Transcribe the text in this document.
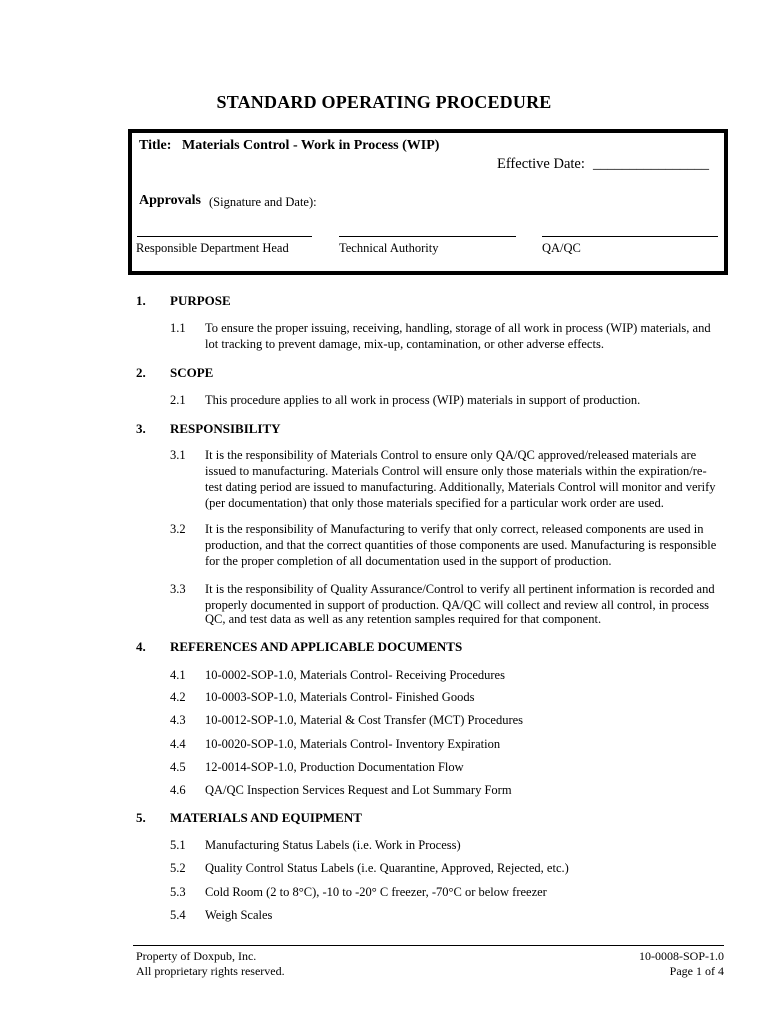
STANDARD OPERATING PROCEDURE
Title: Materials Control - Work in Process (WIP)
Effective Date: ________________
Approvals (Signature and Date):
Responsible Department Head	Technical Authority	QA/QC
1. PURPOSE
1.1 To ensure the proper issuing, receiving, handling, storage of all work in process (WIP) materials, and
lot tracking to prevent damage, mix-up, contamination, or other adverse effects.
2. SCOPE
2.1 This procedure applies to all work in process (WIP) materials in support of production.
3. RESPONSIBILITY
3.1 It is the responsibility of Materials Control to ensure only QA/QC approved/released materials are
issued to manufacturing. Materials Control will ensure only those materials within the expiration/re-
test dating period are issued to manufacturing. Additionally, Materials Control will monitor and verify
(per documentation) that only those materials specified for a particular work order are used.
3.2 It is the responsibility of Manufacturing to verify that only correct, released components are used in
production, and that the correct quantities of those components are used. Manufacturing is responsible
for the proper completion of all documentation used in the support of production.
3.3 It is the responsibility of Quality Assurance/Control to verify all pertinent information is recorded and
properly documented in support of production. QA/QC will collect and review all control, in process
QC, and test data as well as any retention samples required for that component.
4. REFERENCES AND APPLICABLE DOCUMENTS
4.1 10-0002-SOP-1.0, Materials Control- Receiving Procedures
4.2 10-0003-SOP-1.0, Materials Control- Finished Goods
4.3 10-0012-SOP-1.0, Material & Cost Transfer (MCT) Procedures
4.4 10-0020-SOP-1.0, Materials Control- Inventory Expiration
4.5 12-0014-SOP-1.0, Production Documentation Flow
4.6 QA/QC Inspection Services Request and Lot Summary Form
5. MATERIALS AND EQUIPMENT
5.1 Manufacturing Status Labels (i.e. Work in Process)
5.2 Quality Control Status Labels (i.e. Quarantine, Approved, Rejected, etc.)
5.3 Cold Room (2 to 8°C), -10 to -20° C freezer, -70°C or below freezer
5.4 Weigh Scales
Property of Doxpub, Inc.
All proprietary rights reserved.
10-0008-SOP-1.0
Page 1 of 4
